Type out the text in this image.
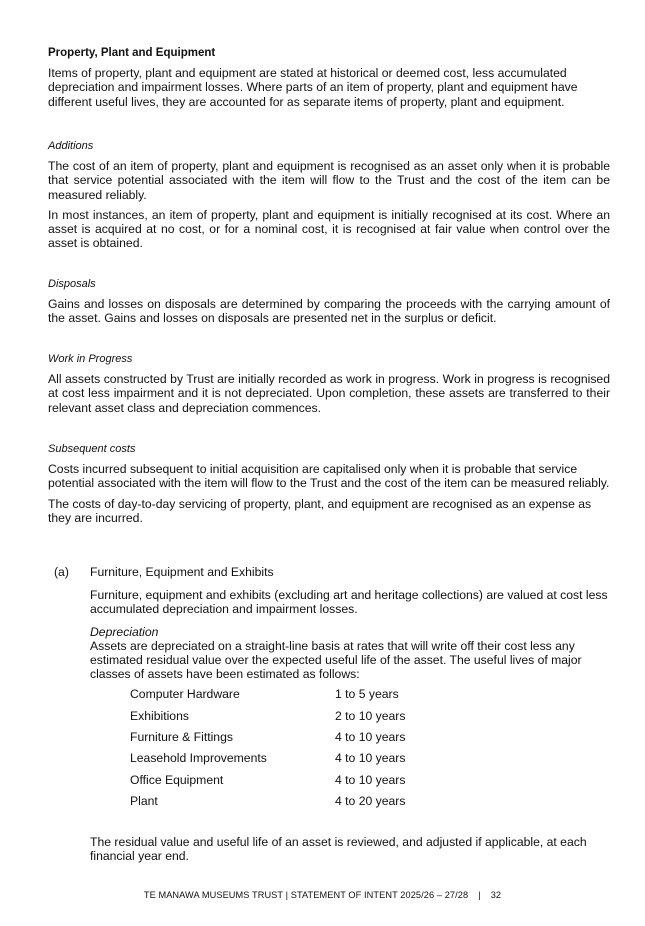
Property, Plant and Equipment

Items of property, plant and equipment are stated at historical or deemed cost, less accumulated depreciation and impairment losses. Where parts of an item of property, plant and equipment have different useful lives, they are accounted for as separate items of property, plant and equipment.

Additions

The cost of an item of property, plant and equipment is recognised as an asset only when it is probable that service potential associated with the item will flow to the Trust and the cost of the item can be measured reliably.

In most instances, an item of property, plant and equipment is initially recognised at its cost. Where an asset is acquired at no cost, or for a nominal cost, it is recognised at fair value when control over the asset is obtained.

Disposals

Gains and losses on disposals are determined by comparing the proceeds with the carrying amount of the asset. Gains and losses on disposals are presented net in the surplus or deficit.

Work in Progress

All assets constructed by Trust are initially recorded as work in progress. Work in progress is recognised at cost less impairment and it is not depreciated. Upon completion, these assets are transferred to their relevant asset class and depreciation commences.

Subsequent costs

Costs incurred subsequent to initial acquisition are capitalised only when it is probable that service potential associated with the item will flow to the Trust and the cost of the item can be measured reliably.

The costs of day-to-day servicing of property, plant, and equipment are recognised as an expense as they are incurred.

(a) Furniture, Equipment and Exhibits

Furniture, equipment and exhibits (excluding art and heritage collections) are valued at cost less accumulated depreciation and impairment losses.

Depreciation

Assets are depreciated on a straight-line basis at rates that will write off their cost less any estimated residual value over the expected useful life of the asset. The useful lives of major classes of assets have been estimated as follows:

Computer Hardware	1 to 5 years
Exhibitions	2 to 10 years
Furniture & Fittings	4 to 10 years
Leasehold Improvements	4 to 10 years
Office Equipment	4 to 10 years
Plant	4 to 20 years

The residual value and useful life of an asset is reviewed, and adjusted if applicable, at each financial year end.

TE MANAWA MUSEUMS TRUST | STATEMENT OF INTENT 2025/26 – 27/28 | 32
